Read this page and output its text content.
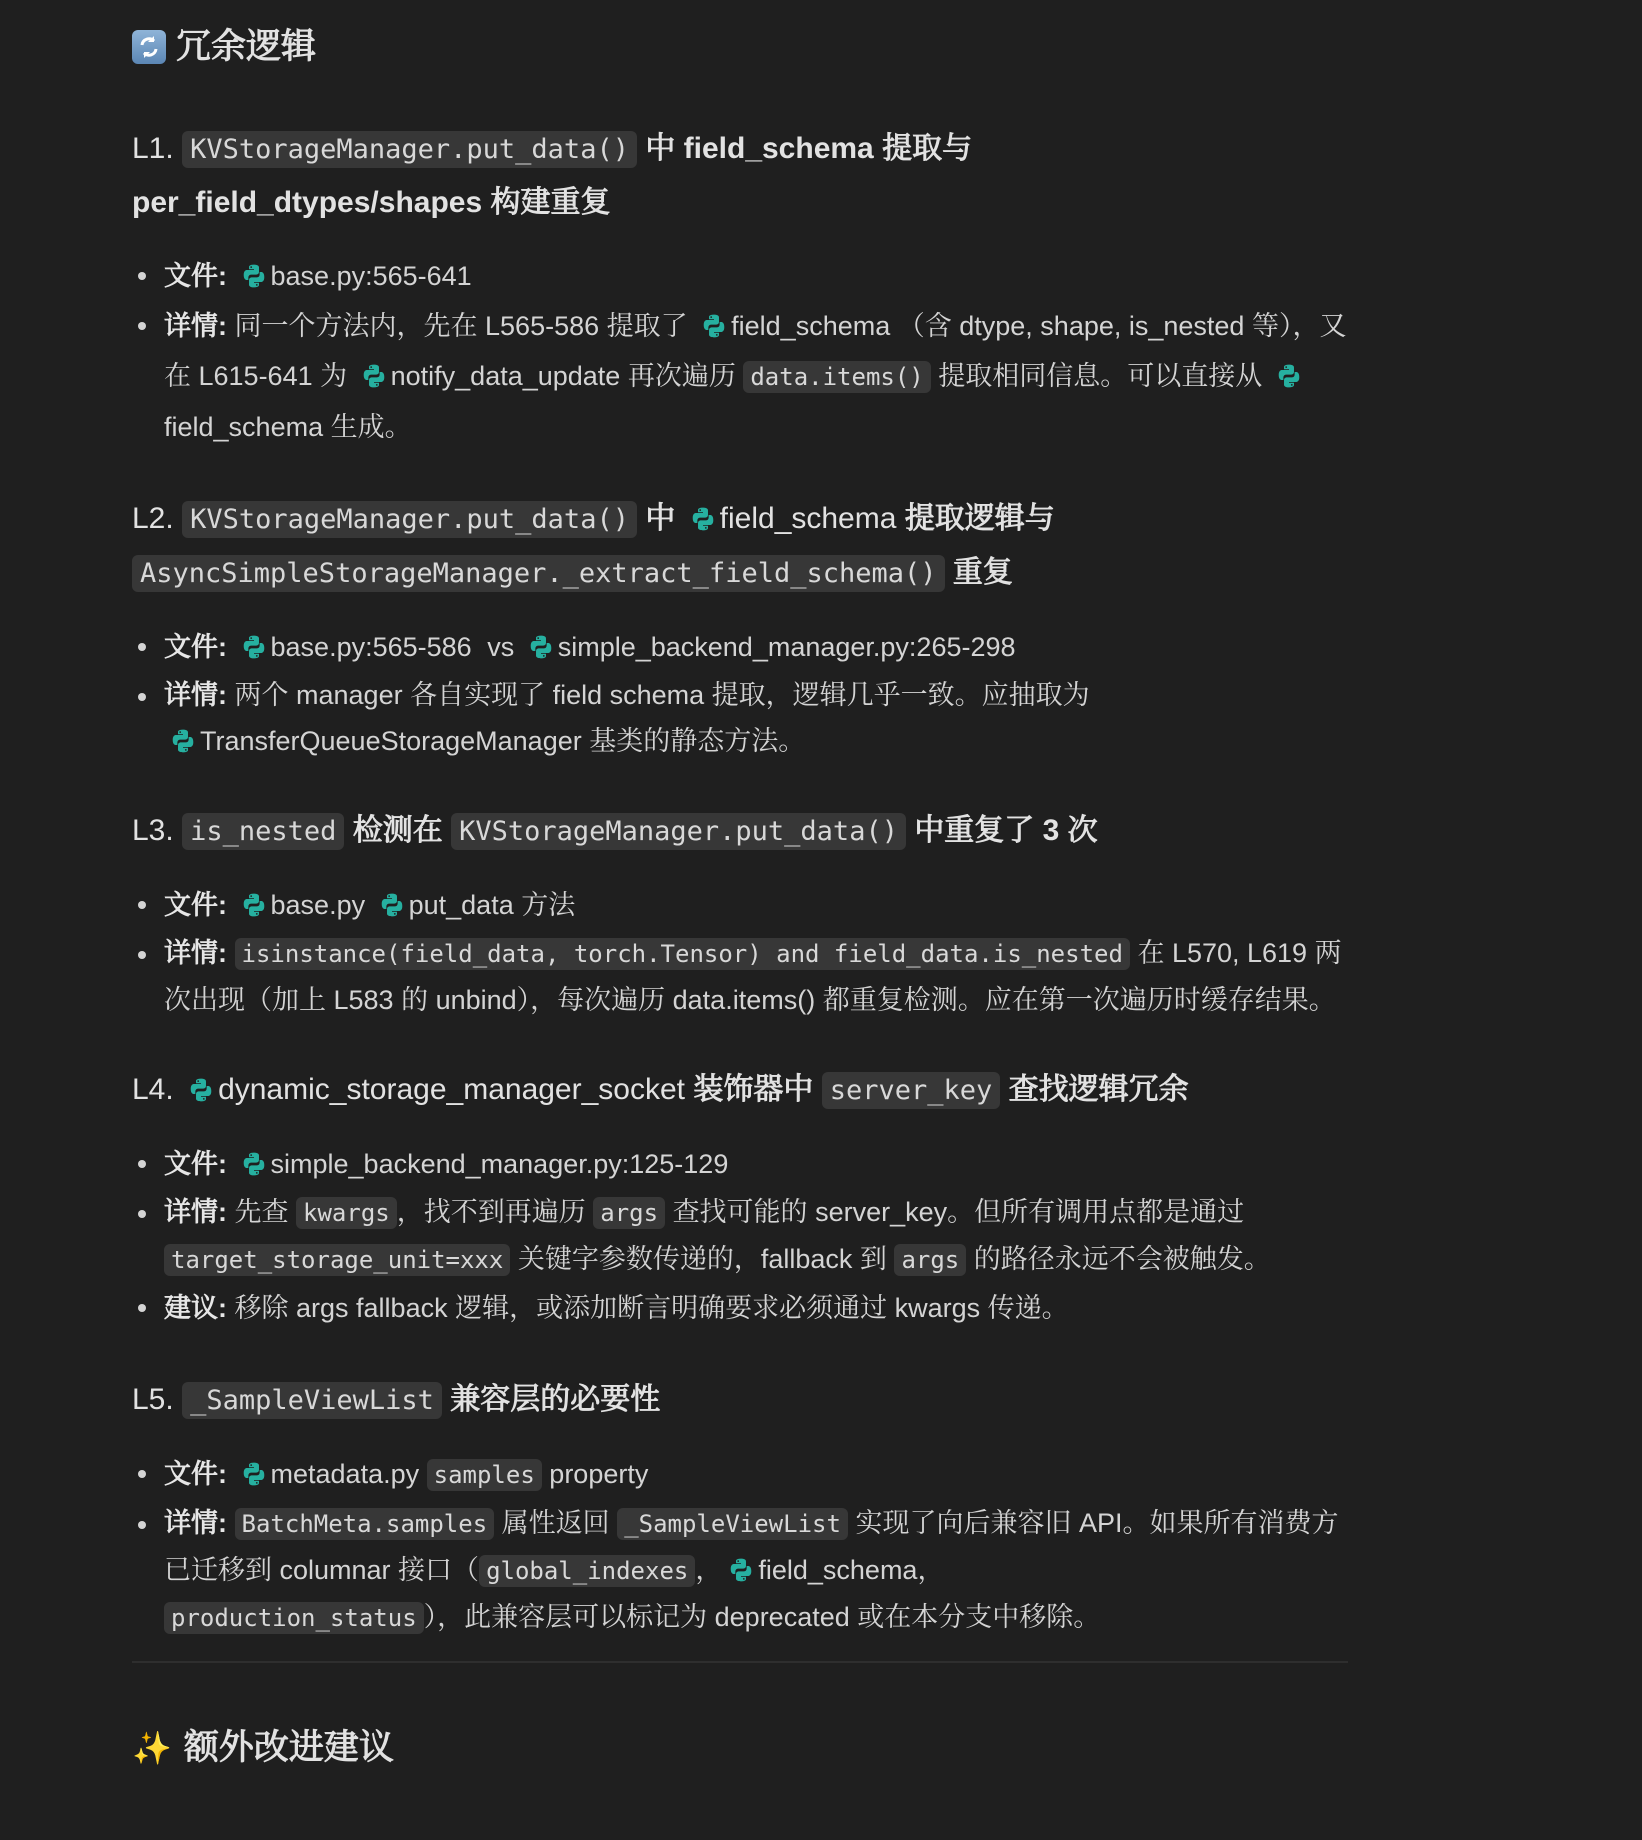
冗余逻辑
L1. KVStorageManager.put_data() 中 field_schema 提取与
per_field_dtypes/shapes 构建重复
文件: base.py:565-641
详情: 同一个方法内，先在 L565-586 提取了 field_schema （含 dtype, shape, is_nested 等），又在 L615-641 为 notify_data_update 再次遍历 data.items() 提取相同信息。可以直接从 field_schema 生成。
L2. KVStorageManager.put_data() 中 field_schema 提取逻辑与
AsyncSimpleStorageManager._extract_field_schema() 重复
文件: base.py:565-586 vs simple_backend_manager.py:265-298
详情: 两个 manager 各自实现了 field schema 提取，逻辑几乎一致。应抽取为
TransferQueueStorageManager 基类的静态方法。
L3. is_nested 检测在 KVStorageManager.put_data() 中重复了 3 次
文件: base.py put_data 方法
详情: isinstance(field_data, torch.Tensor) and field_data.is_nested 在 L570, L619 两次出现（加上 L583 的 unbind），每次遍历 data.items() 都重复检测。应在第一次遍历时缓存结果。
L4. dynamic_storage_manager_socket 装饰器中 server_key 查找逻辑冗余
文件: simple_backend_manager.py:125-129
详情: 先查 kwargs ，找不到再遍历 args 查找可能的 server_key。但所有调用点都是通过
target_storage_unit=xxx 关键字参数传递的，fallback 到 args 的路径永远不会被触发。
建议: 移除 args fallback 逻辑，或添加断言明确要求必须通过 kwargs 传递。
L5. _SampleViewList 兼容层的必要性
文件: metadata.py samples property
详情: BatchMeta.samples 属性返回 _SampleViewList 实现了向后兼容旧 API。如果所有消费方已迁移到 columnar 接口（ global_indexes ， field_schema，
production_status ），此兼容层可以标记为 deprecated 或在本分支中移除。
✨ 额外改进建议
